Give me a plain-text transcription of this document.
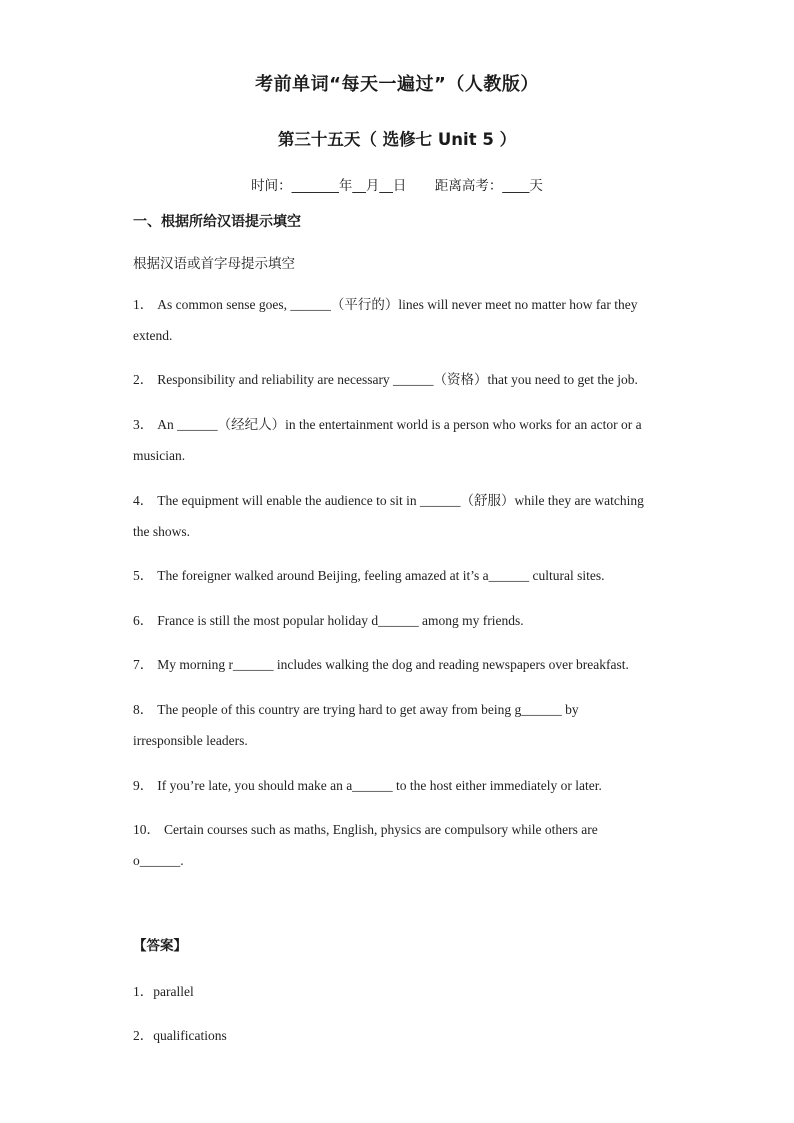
考前单词“每天一遍过”（人教版）
第三十五天（ 选修七 Unit 5 ）
时间：_______年__月__日 距离高考：____天
一、根据所给汉语提示填空
根据汉语或首字母提示填空
1． As common sense goes, ______（平行的）lines will never meet no matter how far they
extend.
2． Responsibility and reliability are necessary ______（资格）that you need to get the job.
3． An ______（经纪人）in the entertainment world is a person who works for an actor or a
musician.
4． The equipment will enable the audience to sit in ______（舒服）while they are watching
the shows.
5． The foreigner walked around Beijing, feeling amazed at it’s a______ cultural sites.
6． France is still the most popular holiday d______ among my friends.
7． My morning r______ includes walking the dog and reading newspapers over breakfast.
8． The people of this country are trying hard to get away from being g______ by
irresponsible leaders.
9． If you’re late, you should make an a______ to the host either immediately or later.
10． Certain courses such as maths, English, physics are compulsory while others are
o______.
【答案】
1．parallel
2．qualifications
